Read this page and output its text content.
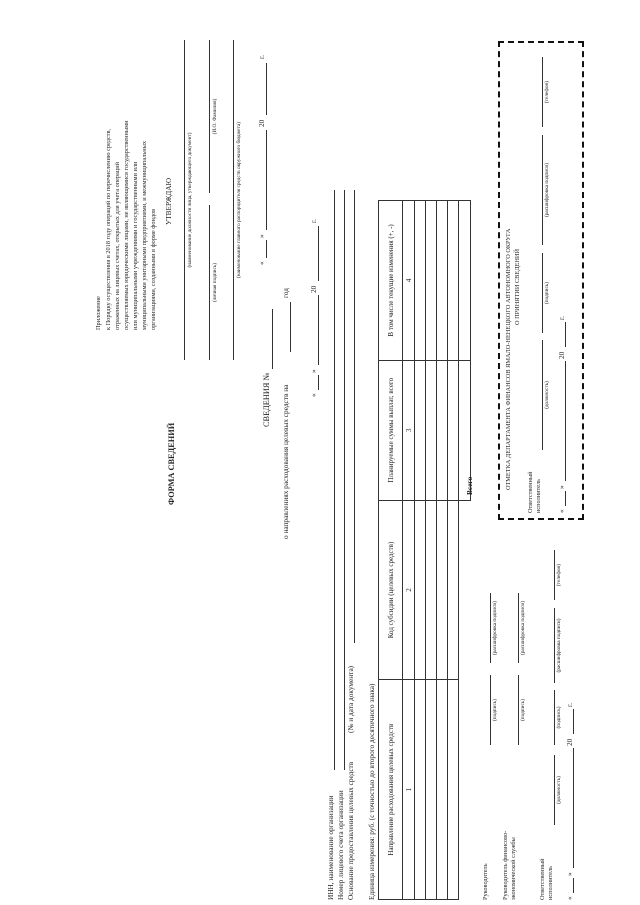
Приложение к Порядку осуществления в 2018 году операций по перечислению средств, отраженных на лицевых счетах, открытых для учета операций осуществляемых юридическими лицами, не являющимися государственными или муниципальными учреждениями и государственными или муниципальными унитарными предприятиями, и межмуниципальных организациями, созданными в форме фондов
УТВЕРЖДАЮ	(наименование должности лица, утверждающего документ)
(личная подпись)
(И.О. Фамилия)
(наименование главного распорядителя средств окружного бюджета) «
»
20
г.
ФОРМА СВЕДЕНИЙ
СВЕДЕНИЯ № о направлениях расходования целевых средств на
год
«
»
20
г.
ИНН, наименование организации Номер лицевого счета организации Основание предоставления целевых средств
(№ и дата документа) Единица измерения: руб. (с точностью до второго десятичного знака) Направление расходования целевых средств	Код субсидии (целевых средств)	Планируемые суммы выплат, всего	В том числе текущие изменения (+, -)
1	2	3	4

Всего
Руководитель
(подпись)
(расшифровка подписи)
Руководитель финансово- экономической службы
(подпись)
(расшифровка подписи)
Ответственный исполнитель
(должность)
(подпись)
(расшифровка подписи)
(телефон)
«
»
20
г.
ОТМЕТКА ДЕПАРТАМЕНТА ФИНАНСОВ ЯМАЛО-НЕНЕЦКОГО АВТОНОМНОГО ОКРУГА О ПРИНЯТИИ СВЕДЕНИЙ
Ответственный исполнитель
(должность)
(подпись)
(расшифровка подписи)
(телефон)
«
»
20
г.
